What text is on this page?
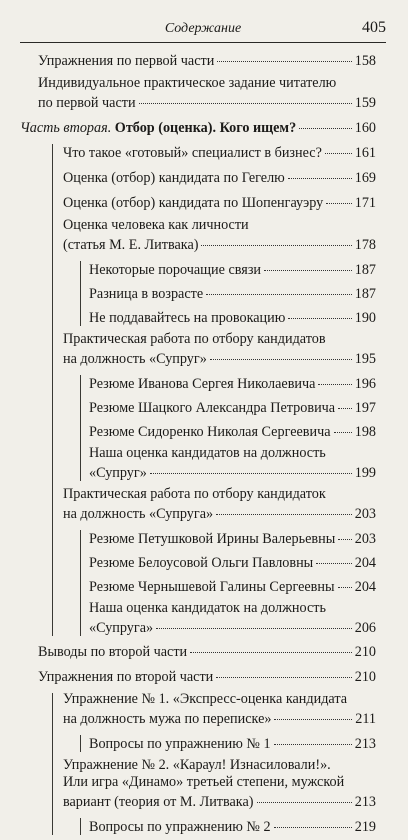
Содержание	405
Упражнения по первой части	158
Индивидуальное практическое задание читателю
по первой части	159
Часть вторая. Отбор (оценка). Кого ищем?	160
Что такое «готовый» специалист в бизнес? 161
Оценка (отбор) кандидата по Гегелю	169
Оценка (отбор) кандидата по Шопенгауэру 171
Оценка человека как личности
(статья М. Е. Литвака)	178
Некоторые порочащие связи	187
Разница в возрасте	187
Не поддавайтесь на провокацию	190
Практическая работа по отбору кандидатов
на должность «Супруг»	195
Резюме Иванова Сергея Николаевича	196
Резюме Шацкого Александра Петровича 197
Резюме Сидоренко Николая Сергеевича 198
Наша оценка кандидатов на должность
«Супруг»	199
Практическая работа по отбору кандидаток
на должность «Супруга»	203
Резюме Петушковой Ирины Валерьевны 203
Резюме Белоусовой Ольги Павловны	204
Резюме Чернышевой Галины Сергеевны 204
Наша оценка кандидаток на должность
«Супруга»	206
Выводы по второй части	210
Упражнения по второй части	210
Упражнение № 1. «Экспресс-оценка кандидата
на должность мужа по переписке»	211
Вопросы по упражнению № 1	213
Упражнение № 2. «Караул! Изнасиловали!».
Или игра «Динамо» третьей степени, мужской
вариант (теория от М. Литвака)	213
Вопросы по упражнению № 2	219
